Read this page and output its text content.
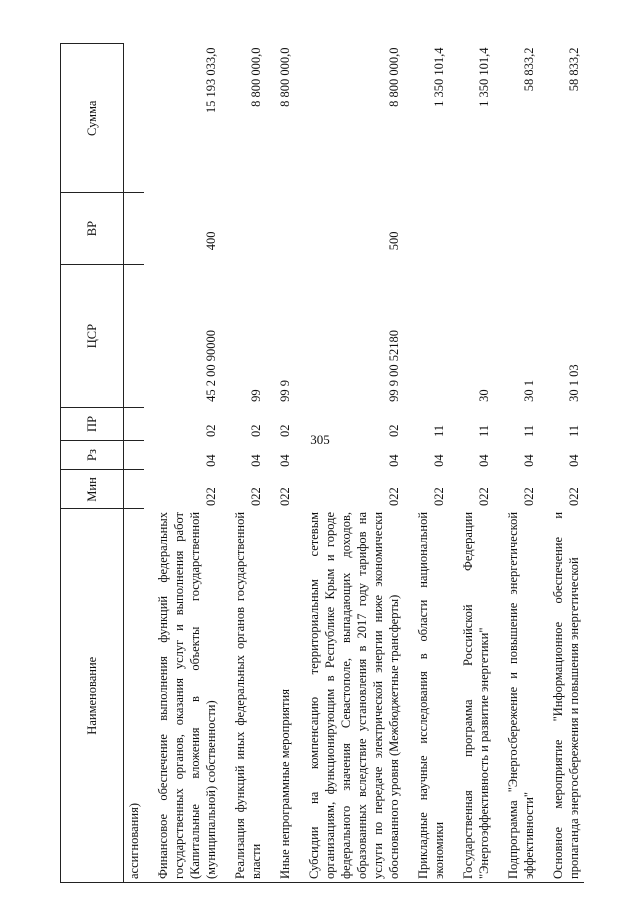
305
Наименование	Мин	Рз	ПР	ЦСР	ВР	Сумма
ассигнования)						

Финансовое обеспечение выполнения функций федеральных государственных органов, оказания услуг и выполнения работ (Капитальные вложения в объекты государственной (муниципальной) собственности)	022	04	02	45 2 00 90000	400	15 193 033,0

Реализация функций иных федеральных органов государственной власти	022	04	02	99		8 800 000,0

Иные непрограммные мероприятия	022	04	02	99 9		8 800 000,0

Субсидии на компенсацию территориальным сетевым организациям, функционирующим в Республике Крым и городе федерального значения Севастополе, выпадающих доходов, образованных вследствие установления в 2017 году тарифов на услуги по передаче электрической энергии ниже экономически обоснованного уровня (Межбюджетные трансферты)	022	04	02	99 9 00 52180	500	8 800 000,0

Прикладные научные исследования в области национальной экономики	022	04	11			1 350 101,4

Государственная программа Российской Федерации "Энергоэффективность и развитие энергетики"	022	04	11	30		1 350 101,4

Подпрограмма "Энергосбережение и повышение энергетической эффективности"	022	04	11	30 1		58 833,2

Основное мероприятие "Информационное обеспечение и пропаганда энергосбережения и повышения энергетической	022	04	11	30 1 03		58 833,2
